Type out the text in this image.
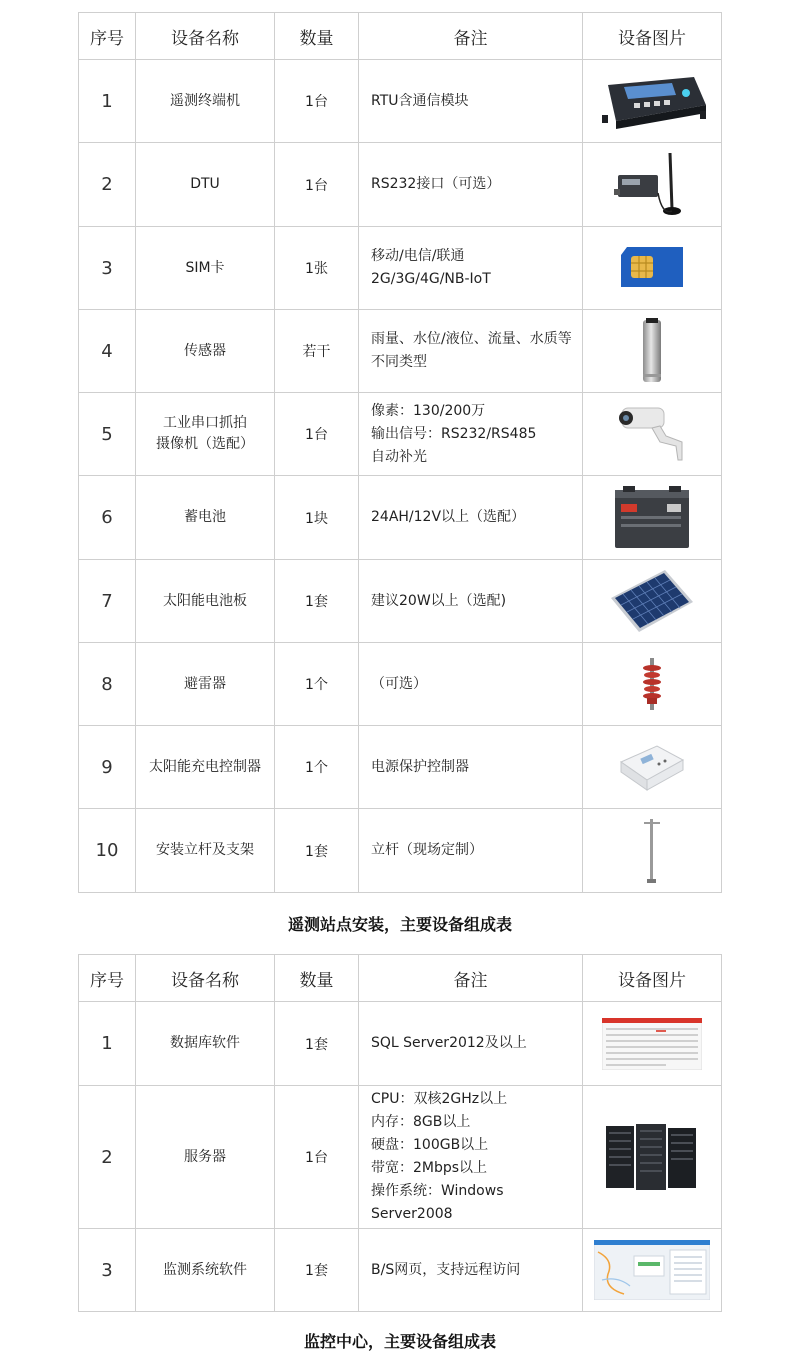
序号	设备名称	数量	备注	设备图片
1	遥测终端机	1台	RTU含通信模块

2	DTU	1台	RS232接口（可选）

3	SIM卡	1张	移动/电信/联通
2G/3G/4G/NB-IoT

4	传感器	若干	雨量、水位/液位、流量、水质等
不同类型

5	工业串口抓拍
摄像机（选配）	1台	像素：130/200万
输出信号：RS232/RS485
自动补光

6	蓄电池	1块	24AH/12V以上（选配）

7	太阳能电池板	1套	建议20W以上（选配)

8	避雷器	1个	（可选）

9	太阳能充电控制器	1个	电源保护控制器

10	安装立杆及支架	1套	立杆（现场定制）

遥测站点安装，主要设备组成表
序号	设备名称	数量	备注	设备图片
1	数据库软件	1套	SQL Server2012及以上

2	服务器	1台	CPU：双核2GHz以上
内存：8GB以上
硬盘：100GB以上
带宽：2Mbps以上
操作系统：Windows Server2008

3	监测系统软件	1套	B/S网页，支持远程访问

监控中心，主要设备组成表
